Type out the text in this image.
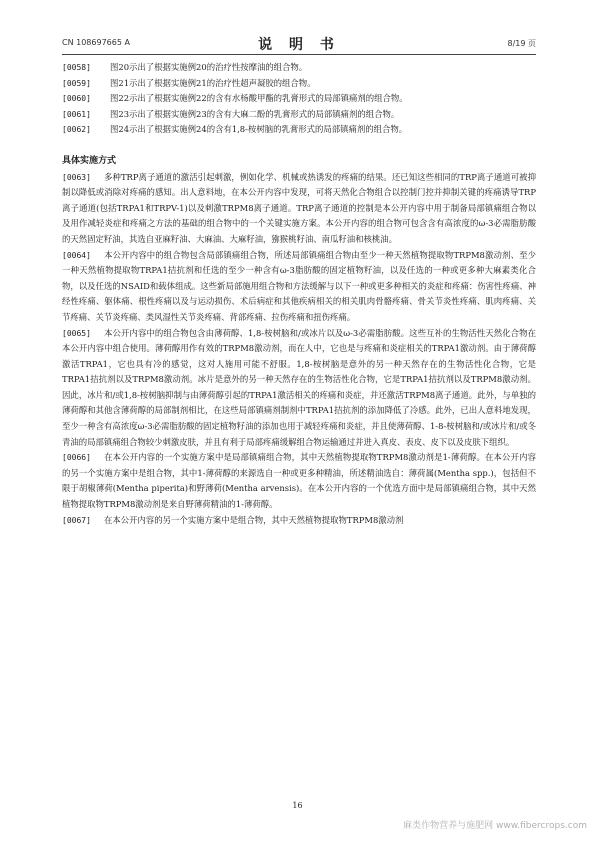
CN 108697665 A	说 明 书	8/19 页

[0058] 图20示出了根据实施例20的治疗性按摩油的组合物。

[0059] 图21示出了根据实施例21的治疗性超声凝胶的组合物。

[0060] 图22示出了根据实施例22的含有水杨酸甲酯的乳膏形式的局部镇痛剂的组合物。

[0061] 图23示出了根据实施例23的含有大麻二酚的乳膏形式的局部镇痛剂的组合物。

[0062] 图24示出了根据实施例24的含有1,8-桉树脑的乳膏形式的局部镇痛剂的组合物。

具体实施方式

[0063] 多种TRP离子通道的激活引起刺激，例如化学、机械或热诱发的疼痛的结果。还已知这些相同的TRP离子通道可被抑制以降低或消除对疼痛的感知。出人意料地，在本公开内容中发现，可将天然化合物组合以控制门控并抑制关键的疼痛诱导TRP离子通道(包括TRPA1和TRPV-1)以及刺激TRPM8离子通道。TRP离子通道的控制是本公开内容中用于制备局部镇痛组合物以及用作减轻炎症和疼痛之方法的基础的组合物中的一个关键实施方案。本公开内容的组合物可包含含有高浓度的ω-3必需脂肪酸的天然固定籽油，其选自亚麻籽油、大麻油、大麻籽油，猕猴桃籽油、南瓜籽油和核桃油。

[0064] 本公开内容中的组合物包含局部镇痛组合物，所述局部镇痛组合物由至少一种天然植物提取物TRPM8激动剂、至少一种天然植物提取物TRPA1拮抗剂和任选的至少一种含有ω-3脂肪酸的固定植物籽油，以及任选的一种或更多种大麻素类化合物，以及任选的NSAID和载体组成。这些新局部施用组合物和方法缓解与以下一种或更多种相关的炎症和疼痛：伤害性疼痛、神经性疼痛、躯体痛、根性疼痛以及与运动损伤、术后病症和其他疾病相关的相关肌肉骨骼疼痛、骨关节炎性疼痛、肌肉疼痛、关节疼痛、关节炎疼痛、类风湿性关节炎疼痛、背部疼痛、拉伤疼痛和扭伤疼痛。

[0065] 本公开内容中的组合物包含由薄荷醇、1,8-桉树脑和/或冰片以及ω-3必需脂肪酸。这些互补的生物活性天然化合物在本公开内容中组合使用。薄荷醇用作有效的TRPM8激动剂，而在人中，它也是与疼痛和炎症相关的TRPA1激动剂。由于薄荷醇激活TRPA1，它也具有冷的感觉，这对人施用可能不舒服。1,8-桉树脑是意外的另一种天然存在的生物活性化合物，它是TRPA1拮抗剂以及TRPM8激动剂。冰片是意外的另一种天然存在的生物活性化合物，它是TRPA1拮抗剂以及TRPM8激动剂。因此，冰片和/或1,8-桉树脑抑制与由薄荷醇引起的TRPA1激活相关的疼痛和炎症，并还激活TRPM8离子通道。此外，与单独的薄荷醇和其他含薄荷醇的局部制剂相比，在这些局部镇痛剂制剂中TRPA1拮抗剂的添加降低了冷感。此外，已出人意料地发现，至少一种含有高浓度ω-3必需脂肪酸的固定植物籽油的添加也用于减轻疼痛和炎症，并且使薄荷醇、1-8-桉树脑和/或冰片和/或冬青油的局部镇痛组合物较少刺激皮肤，并且有利于局部疼痛缓解组合物运输通过并进入真皮、表皮、皮下以及皮肤下组织。

[0066] 在本公开内容的一个实施方案中是局部镇痛组合物，其中天然植物提取物TRPM8激动剂是1-薄荷醇。在本公开内容的另一个实施方案中是组合物，其中1-薄荷醇的来源选自一种或更多种精油，所述精油选自：薄荷属(Mentha spp.)，包括但不限于胡椒薄荷(Mentha piperita)和野薄荷(Mentha arvensis)。在本公开内容的一个优选方面中是局部镇痛组合物，其中天然植物提取物TRPM8激动剂是来自野薄荷精油的1-薄荷醇。

[0067] 在本公开内容的另一个实施方案中是组合物，其中天然植物提取物TRPM8激动剂

16
麻类作物营养与施肥网 www.fibercrops.com
